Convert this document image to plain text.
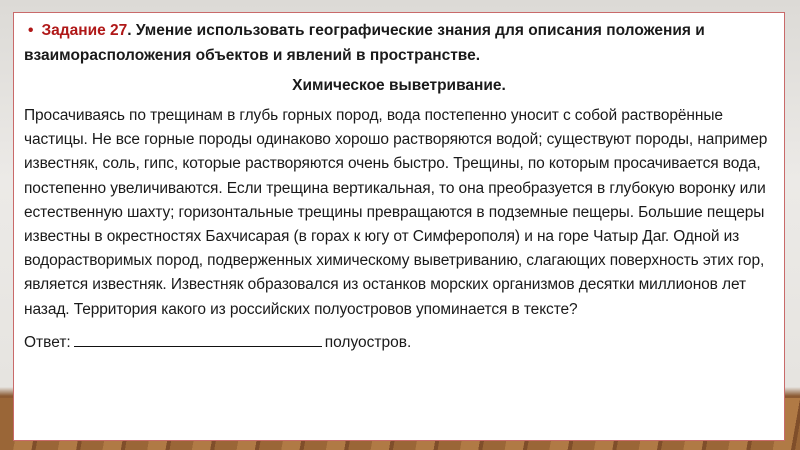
• Задание 27. Умение использовать географические знания для описания положения и
взаиморасположения объектов и явлений в пространстве.
Химическое выветривание.
Просачиваясь по трещинам в глубь горных пород, вода постепенно уносит с собой растворённые
частицы. Не все горные породы одинаково хорошо растворяются водой; существуют породы, например
известняк, соль, гипс, которые растворяются очень быстро. Трещины, по которым просачивается вода,
постепенно увеличиваются. Если трещина вертикальная, то она преобразуется в глубокую воронку или
естественную шахту; горизонтальные трещины превращаются в подземные пещеры. Большие пещеры
известны в окрестностях Бахчисарая (в горах к югу от Симферополя) и на горе Чатыр Даг. Одной из
водорастворимых пород, подверженных химическому выветриванию, слагающих поверхность этих гор,
является известняк. Известняк образовался из останков морских организмов десятки миллионов лет
назад. Территория какого из российских полуостровов упоминается в тексте?
Ответ:	полуостров.
